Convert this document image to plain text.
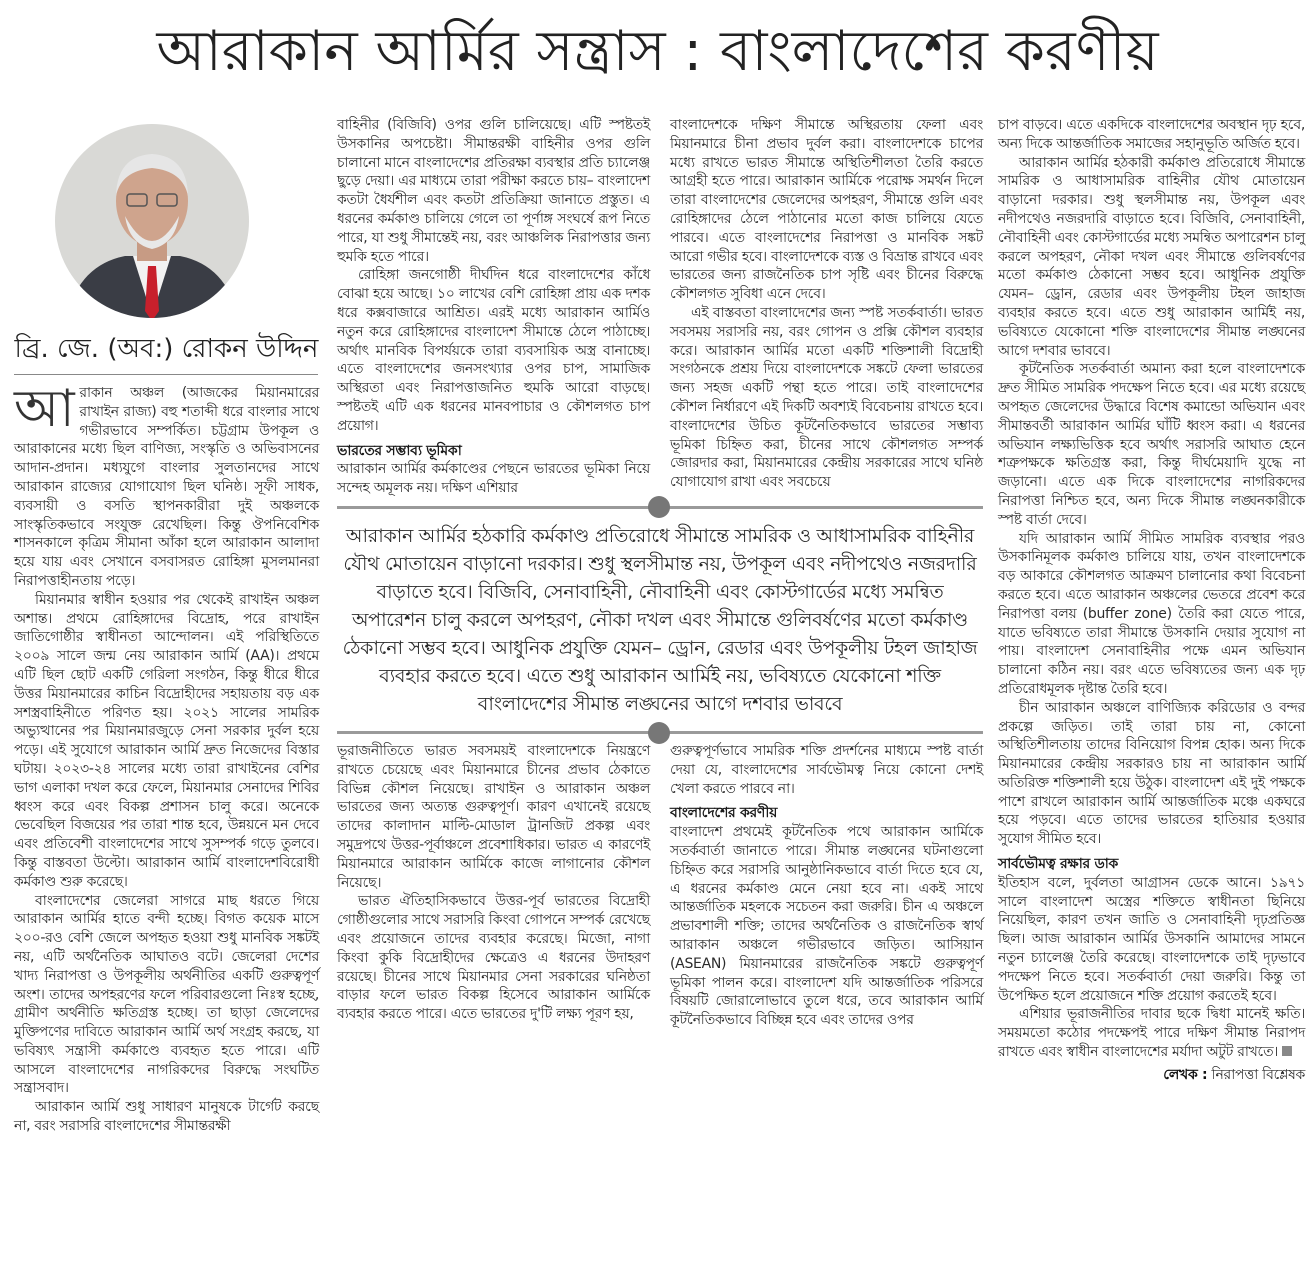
আরাকান আর্মির সন্ত্রাস : বাংলাদেশের করণীয়
ব্রি. জে. (অব:) রোকন উদ্দিন

আরাকান অঞ্চল (আজকের মিয়ানমারের রাখাইন রাজ্য) বহু শতাব্দী ধরে বাংলার সাথে গভীরভাবে সম্পর্কিত। চট্টগ্রাম উপকূল ও আরাকানের মধ্যে ছিল বাণিজ্য, সংস্কৃতি ও অভিবাসনের আদান-প্রদান। মধ্যযুগে বাংলার সুলতানদের সাথে আরাকান রাজ্যের যোগাযোগ ছিল ঘনিষ্ঠ। সূফী সাধক, ব্যবসায়ী ও বসতি স্থাপনকারীরা দুই অঞ্চলকে সাংস্কৃতিকভাবে সংযুক্ত রেখেছিল। কিন্তু ঔপনিবেশিক শাসনকালে কৃত্রিম সীমানা আঁকা হলে আরাকান আলাদা হয়ে যায় এবং সেখানে বসবাসরত রোহিঙ্গা মুসলমানরা নিরাপত্তাহীনতায় পড়ে।

মিয়ানমার স্বাধীন হওয়ার পর থেকেই রাখাইন অঞ্চল অশান্ত। প্রথমে রোহিঙ্গাদের বিদ্রোহ, পরে রাখাইন জাতিগোষ্ঠীর স্বাধীনতা আন্দোলন। এই পরিস্থিতিতে ২০০৯ সালে জন্ম নেয় আরাকান আর্মি (AA)। প্রথমে এটি ছিল ছোট একটি গেরিলা সংগঠন, কিন্তু ধীরে ধীরে উত্তর মিয়ানমারের কাচিন বিদ্রোহীদের সহায়তায় বড় এক সশস্ত্রবাহিনীতে পরিণত হয়। ২০২১ সালের সামরিক অভ্যুত্থানের পর মিয়ানমারজুড়ে সেনা সরকার দুর্বল হয়ে পড়ে। এই সুযোগে আরাকান আর্মি দ্রুত নিজেদের বিস্তার ঘটায়। ২০২৩-২৪ সালের মধ্যে তারা রাখাইনের বেশির ভাগ এলাকা দখল করে ফেলে, মিয়ানমার সেনাদের শিবির ধ্বংস করে এবং বিকল্প প্রশাসন চালু করে। অনেকে ভেবেছিল বিজয়ের পর তারা শান্ত হবে, উন্নয়নে মন দেবে এবং প্রতিবেশী বাংলাদেশের সাথে সুসম্পর্ক গড়ে তুলবে। কিন্তু বাস্তবতা উল্টো। আরাকান আর্মি বাংলাদেশবিরোধী কর্মকাণ্ড শুরু করেছে।

বাংলাদেশের জেলেরা সাগরে মাছ ধরতে গিয়ে আরাকান আর্মির হাতে বন্দী হচ্ছে। বিগত কয়েক মাসে ২০০-রও বেশি জেলে অপহৃত হওয়া শুধু মানবিক সঙ্কটই নয়, এটি অর্থনৈতিক আঘাতও বটে। জেলেরা দেশের খাদ্য নিরাপত্তা ও উপকূলীয় অর্থনীতির একটি গুরুত্বপূর্ণ অংশ। তাদের অপহরণের ফলে পরিবারগুলো নিঃস্ব হচ্ছে, গ্রামীণ অর্থনীতি ক্ষতিগ্রস্ত হচ্ছে। তা ছাড়া জেলেদের মুক্তিপণের দাবিতে আরাকান আর্মি অর্থ সংগ্রহ করছে, যা ভবিষ্যৎ সন্ত্রাসী কর্মকাণ্ডে ব্যবহৃত হতে পারে। এটি আসলে বাংলাদেশের নাগরিকদের বিরুদ্ধে সংঘটিত সন্ত্রাসবাদ।

আরাকান আর্মি শুধু সাধারণ মানুষকে টার্গেট করছে না, বরং সরাসরি বাংলাদেশের সীমান্তরক্ষী

বাহিনীর (বিজিবি) ওপর গুলি চালিয়েছে। এটি স্পষ্টতই উসকানির অপচেষ্টা। সীমান্তরক্ষী বাহিনীর ওপর গুলি চালানো মানে বাংলাদেশের প্রতিরক্ষা ব্যবস্থার প্রতি চ্যালেঞ্জ ছুড়ে দেয়া। এর মাধ্যমে তারা পরীক্ষা করতে চায়– বাংলাদেশ কতটা ধৈর্যশীল এবং কতটা প্রতিক্রিয়া জানাতে প্রস্তুত। এ ধরনের কর্মকাণ্ড চালিয়ে গেলে তা পূর্ণাঙ্গ সংঘর্ষে রূপ নিতে পারে, যা শুধু সীমান্তেই নয়, বরং আঞ্চলিক নিরাপত্তার জন্য হুমকি হতে পারে।

রোহিঙ্গা জনগোষ্ঠী দীর্ঘদিন ধরে বাংলাদেশের কাঁধে বোঝা হয়ে আছে। ১০ লাখের বেশি রোহিঙ্গা প্রায় এক দশক ধরে কক্সবাজারে আশ্রিত। এরই মধ্যে আরাকান আর্মিও নতুন করে রোহিঙ্গাদের বাংলাদেশ সীমান্তে ঠেলে পাঠাচ্ছে। অর্থাৎ মানবিক বিপর্যয়কে তারা ব্যবসায়িক অস্ত্র বানাচ্ছে। এতে বাংলাদেশের জনসংখ্যার ওপর চাপ, সামাজিক অস্থিরতা এবং নিরাপত্তাজনিত হুমকি আরো বাড়ছে। স্পষ্টতই এটি এক ধরনের মানবপাচার ও কৌশলগত চাপ প্রয়োগ।

ভারতের সম্ভাব্য ভূমিকা

আরাকান আর্মির কর্মকাণ্ডের পেছনে ভারতের ভূমিকা নিয়ে সন্দেহ অমূলক নয়। দক্ষিণ এশিয়ার

বাংলাদেশকে দক্ষিণ সীমান্তে অস্থিরতায় ফেলা এবং মিয়ানমারে চীনা প্রভাব দুর্বল করা। বাংলাদেশকে চাপের মধ্যে রাখতে ভারত সীমান্তে অস্থিতিশীলতা তৈরি করতে আগ্রহী হতে পারে। আরাকান আর্মিকে পরোক্ষ সমর্থন দিলে তারা বাংলাদেশের জেলেদের অপহরণ, সীমান্তে গুলি এবং রোহিঙ্গাদের ঠেলে পাঠানোর মতো কাজ চালিয়ে যেতে পারবে। এতে বাংলাদেশের নিরাপত্তা ও মানবিক সঙ্কট আরো গভীর হবে। বাংলাদেশকে ব্যস্ত ও বিভ্রান্ত রাখবে এবং ভারতের জন্য রাজনৈতিক চাপ সৃষ্টি এবং চীনের বিরুদ্ধে কৌশলগত সুবিধা এনে দেবে।

এই বাস্তবতা বাংলাদেশের জন্য স্পষ্ট সতর্কবার্তা। ভারত সবসময় সরাসরি নয়, বরং গোপন ও প্রক্সি কৌশল ব্যবহার করে। আরাকান আর্মির মতো একটি শক্তিশালী বিদ্রোহী সংগঠনকে প্রশ্রয় দিয়ে বাংলাদেশকে সঙ্কটে ফেলা ভারতের জন্য সহজ একটি পন্থা হতে পারে। তাই বাংলাদেশের কৌশল নির্ধারণে এই দিকটি অবশ্যই বিবেচনায় রাখতে হবে। বাংলাদেশের উচিত কূটনৈতিকভাবে ভারতের সম্ভাব্য ভূমিকা চিহ্নিত করা, চীনের সাথে কৌশলগত সম্পর্ক জোরদার করা, মিয়ানমারের কেন্দ্রীয় সরকারের সাথে ঘনিষ্ঠ যোগাযোগ রাখা এবং সবচেয়ে

আরাকান আর্মির হঠকারি কর্মকাণ্ড প্রতিরোধে সীমান্তে সামরিক ও আধাসামরিক বাহিনীর যৌথ মোতায়েন বাড়ানো দরকার। শুধু স্থলসীমান্ত নয়, উপকূল এবং নদীপথেও নজরদারি বাড়াতে হবে। বিজিবি, সেনাবাহিনী, নৌবাহিনী এবং কোস্টগার্ডের মধ্যে সমন্বিত অপারেশন চালু করলে অপহরণ, নৌকা দখল এবং সীমান্তে গুলিবর্ষণের মতো কর্মকাণ্ড ঠেকানো সম্ভব হবে। আধুনিক প্রযুক্তি যেমন– ড্রোন, রেডার এবং উপকূলীয় টহল জাহাজ ব্যবহার করতে হবে। এতে শুধু আরাকান আর্মিই নয়, ভবিষ্যতে যেকোনো শক্তি বাংলাদেশের সীমান্ত লঙ্ঘনের আগে দশবার ভাববে

ভূরাজনীতিতে ভারত সবসময়ই বাংলাদেশকে নিয়ন্ত্রণে রাখতে চেয়েছে এবং মিয়ানমারে চীনের প্রভাব ঠেকাতে বিভিন্ন কৌশল নিয়েছে। রাখাইন ও আরাকান অঞ্চল ভারতের জন্য অত্যন্ত গুরুত্বপূর্ণ। কারণ এখানেই রয়েছে তাদের কালাদান মাল্টি-মোডাল ট্রানজিট প্রকল্প এবং সমুদ্রপথে উত্তর-পূর্বাঞ্চলে প্রবেশাধিকার। ভারত এ কারণেই মিয়ানমারে আরাকান আর্মিকে কাজে লাগানোর কৌশল নিয়েছে।

ভারত ঐতিহাসিকভাবে উত্তর-পূর্ব ভারতের বিদ্রোহী গোষ্ঠীগুলোর সাথে সরাসরি কিংবা গোপনে সম্পর্ক রেখেছে এবং প্রয়োজনে তাদের ব্যবহার করেছে। মিজো, নাগা কিংবা কুকি বিদ্রোহীদের ক্ষেত্রেও এ ধরনের উদাহরণ রয়েছে। চীনের সাথে মিয়ানমার সেনা সরকারের ঘনিষ্ঠতা বাড়ার ফলে ভারত বিকল্প হিসেবে আরাকান আর্মিকে ব্যবহার করতে পারে। এতে ভারতের দু'টি লক্ষ্য পূরণ হয়,

গুরুত্বপূর্ণভাবে সামরিক শক্তি প্রদর্শনের মাধ্যমে স্পষ্ট বার্তা দেয়া যে, বাংলাদেশের সার্বভৌমত্ব নিয়ে কোনো দেশই খেলা করতে পারবে না।

বাংলাদেশের করণীয়

বাংলাদেশ প্রথমেই কূটনৈতিক পথে আরাকান আর্মিকে সতর্কবার্তা জানাতে পারে। সীমান্ত লঙ্ঘনের ঘটনাগুলো চিহ্নিত করে সরাসরি আনুষ্ঠানিকভাবে বার্তা দিতে হবে যে, এ ধরনের কর্মকাণ্ড মেনে নেয়া হবে না। একই সাথে আন্তর্জাতিক মহলকে সচেতন করা জরুরি। চীন এ অঞ্চলে প্রভাবশালী শক্তি; তাদের অর্থনৈতিক ও রাজনৈতিক স্বার্থ আরাকান অঞ্চলে গভীরভাবে জড়িত। আসিয়ান (ASEAN) মিয়ানমারের রাজনৈতিক সঙ্কটে গুরুত্বপূর্ণ ভূমিকা পালন করে। বাংলাদেশ যদি আন্তর্জাতিক পরিসরে বিষয়টি জোরালোভাবে তুলে ধরে, তবে আরাকান আর্মি কূটনৈতিকভাবে বিচ্ছিন্ন হবে এবং তাদের ওপর

চাপ বাড়বে। এতে একদিকে বাংলাদেশের অবস্থান দৃঢ় হবে, অন্য দিকে আন্তর্জাতিক সমাজের সহানুভূতি অর্জিত হবে।

আরাকান আর্মির হঠকারী কর্মকাণ্ড প্রতিরোধে সীমান্তে সামরিক ও আধাসামরিক বাহিনীর যৌথ মোতায়েন বাড়ানো দরকার। শুধু স্থলসীমান্ত নয়, উপকূল এবং নদীপথেও নজরদারি বাড়াতে হবে। বিজিবি, সেনাবাহিনী, নৌবাহিনী এবং কোস্টগার্ডের মধ্যে সমন্বিত অপারেশন চালু করলে অপহরণ, নৌকা দখল এবং সীমান্তে গুলিবর্ষণের মতো কর্মকাণ্ড ঠেকানো সম্ভব হবে। আধুনিক প্রযুক্তি যেমন– ড্রোন, রেডার এবং উপকূলীয় টহল জাহাজ ব্যবহার করতে হবে। এতে শুধু আরাকান আর্মিই নয়, ভবিষ্যতে যেকোনো শক্তি বাংলাদেশের সীমান্ত লঙ্ঘনের আগে দশবার ভাববে।

কূটনৈতিক সতর্কবার্তা অমান্য করা হলে বাংলাদেশকে দ্রুত সীমিত সামরিক পদক্ষেপ নিতে হবে। এর মধ্যে রয়েছে অপহৃত জেলেদের উদ্ধারে বিশেষ কমান্ডো অভিযান এবং সীমান্তবর্তী আরাকান আর্মির ঘাঁটি ধ্বংস করা। এ ধরনের অভিযান লক্ষ্যভিত্তিক হবে অর্থাৎ সরাসরি আঘাত হেনে শত্রুপক্ষকে ক্ষতিগ্রস্ত করা, কিন্তু দীর্ঘমেয়াদি যুদ্ধে না জড়ানো। এতে এক দিকে বাংলাদেশের নাগরিকদের নিরাপত্তা নিশ্চিত হবে, অন্য দিকে সীমান্ত লঙ্ঘনকারীকে স্পষ্ট বার্তা দেবে।

যদি আরাকান আর্মি সীমিত সামরিক ব্যবস্থার পরও উসকানিমূলক কর্মকাণ্ড চালিয়ে যায়, তখন বাংলাদেশকে বড় আকারে কৌশলগত আক্রমণ চালানোর কথা বিবেচনা করতে হবে। এতে আরাকান অঞ্চলের ভেতরে প্রবেশ করে নিরাপত্তা বলয় (buffer zone) তৈরি করা যেতে পারে, যাতে ভবিষ্যতে তারা সীমান্তে উসকানি দেয়ার সুযোগ না পায়। বাংলাদেশ সেনাবাহিনীর পক্ষে এমন অভিযান চালানো কঠিন নয়। বরং এতে ভবিষ্যতের জন্য এক দৃঢ় প্রতিরোধমূলক দৃষ্টান্ত তৈরি হবে।

চীন আরাকান অঞ্চলে বাণিজ্যিক করিডোর ও বন্দর প্রকল্পে জড়িত। তাই তারা চায় না, কোনো অস্থিতিশীলতায় তাদের বিনিয়োগ বিপন্ন হোক। অন্য দিকে মিয়ানমারের কেন্দ্রীয় সরকারও চায় না আরাকান আর্মি অতিরিক্ত শক্তিশালী হয়ে উঠুক। বাংলাদেশ এই দুই পক্ষকে পাশে রাখলে আরাকান আর্মি আন্তর্জাতিক মঞ্চে একঘরে হয়ে পড়বে। এতে তাদের ভারতের হাতিয়ার হওয়ার সুযোগ সীমিত হবে।

সার্বভৌমত্ব রক্ষার ডাক

ইতিহাস বলে, দুর্বলতা আগ্রাসন ডেকে আনে। ১৯৭১ সালে বাংলাদেশ অস্ত্রের শক্তিতে স্বাধীনতা ছিনিয়ে নিয়েছিল, কারণ তখন জাতি ও সেনাবাহিনী দৃঢ়প্রতিজ্ঞ ছিল। আজ আরাকান আর্মির উসকানি আমাদের সামনে নতুন চ্যালেঞ্জ তৈরি করেছে। বাংলাদেশকে তাই দৃঢ়ভাবে পদক্ষেপ নিতে হবে। সতর্কবার্তা দেয়া জরুরি। কিন্তু তা উপেক্ষিত হলে প্রয়োজনে শক্তি প্রয়োগ করতেই হবে।

এশিয়ার ভূরাজনীতির দাবার ছকে দ্বিধা মানেই ক্ষতি। সময়মতো কঠোর পদক্ষেপই পারে দক্ষিণ সীমান্ত নিরাপদ রাখতে এবং স্বাধীন বাংলাদেশের মর্যাদা অটুট রাখতে।

লেখক : নিরাপত্তা বিশ্লেষক
